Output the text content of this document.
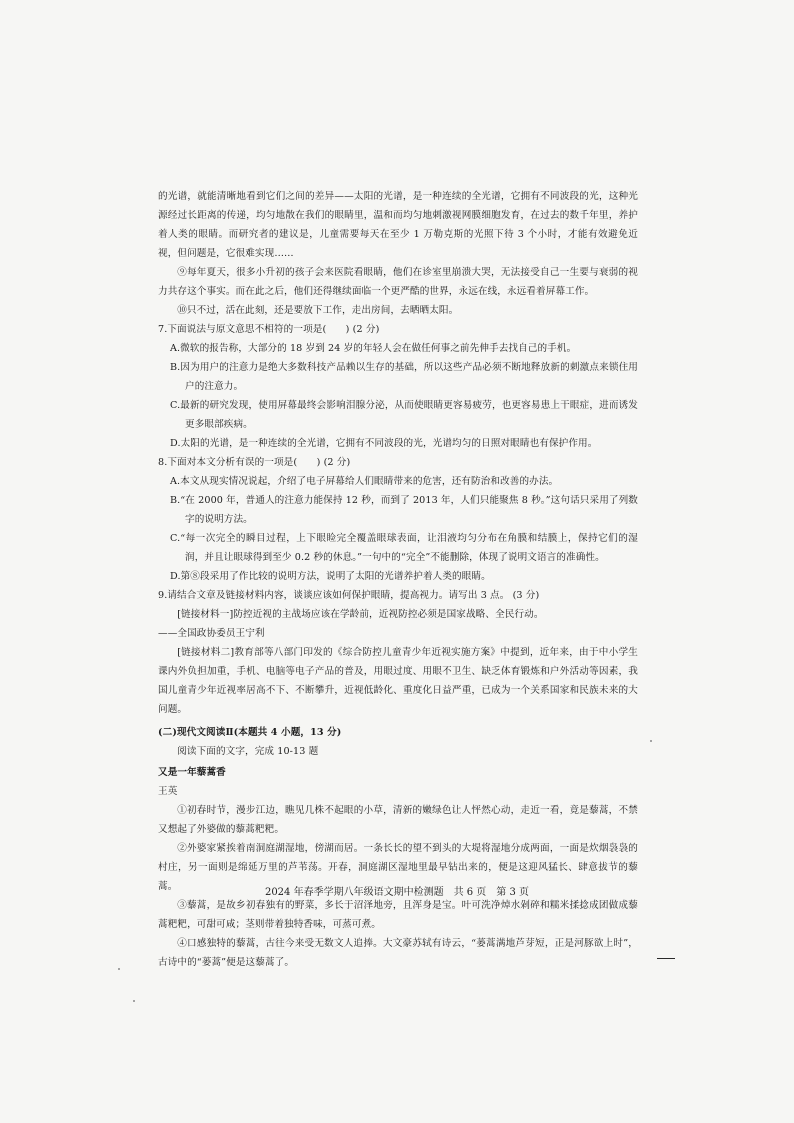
的光谱，就能清晰地看到它们之间的差异——太阳的光谱，是一种连续的全光谱，它拥有不同波段的光，这种光源经过长距离的传递，均匀地散在我们的眼睛里，温和而均匀地刺激视网膜细胞发育，在过去的数千年里，养护着人类的眼睛。而研究者的建议是，儿童需要每天在至少 1 万勒克斯的光照下待 3 个小时，才能有效避免近视，但问题是，它很难实现……

⑨每年夏天，很多小升初的孩子会来医院看眼睛，他们在诊室里崩溃大哭，无法接受自己一生要与衰弱的视力共存这个事实。而在此之后，他们还得继续面临一个更严酷的世界，永远在线，永远看着屏幕工作。

⑩只不过，活在此刻，还是要放下工作，走出房间，去晒晒太阳。

7.下面说法与原文意思不相符的一项是(　　) (2 分)

A.微软的报告称，大部分的 18 岁到 24 岁的年轻人会在做任何事之前先伸手去找自己的手机。

B.因为用户的注意力是绝大多数科技产品赖以生存的基础，所以这些产品必须不断地释放新的刺激点来锁住用户的注意力。

C.最新的研究发现，使用屏幕最终会影响泪腺分泌，从而使眼睛更容易疲劳，也更容易患上干眼症，进而诱发更多眼部疾病。

D.太阳的光谱，是一种连续的全光谱，它拥有不同波段的光，光谱均匀的日照对眼睛也有保护作用。

8.下面对本文分析有误的一项是(　　) (2 分)

A.本文从现实情况说起，介绍了电子屏幕给人们眼睛带来的危害，还有防治和改善的办法。

B.“在 2000 年，普通人的注意力能保持 12 秒，而到了 2013 年，人们只能聚焦 8 秒。”这句话只采用了列数字的说明方法。

C.“每一次完全的瞬目过程，上下眼睑完全覆盖眼球表面，让泪液均匀分布在角膜和结膜上，保持它们的湿润，并且让眼球得到至少 0.2 秒的休息。”一句中的“完全”不能删除，体现了说明文语言的准确性。

D.第⑧段采用了作比较的说明方法，说明了太阳的光谱养护着人类的眼睛。

9.请结合文章及链接材料内容，谈谈应该如何保护眼睛，提高视力。请写出 3 点。 (3 分)

[链接材料一]防控近视的主战场应该在学龄前，近视防控必须是国家战略、全民行动。

——全国政协委员王宁利

[链接材料二]教育部等八部门印发的《综合防控儿童青少年近视实施方案》中提到，近年来，由于中小学生课内外负担加重，手机、电脑等电子产品的普及，用眼过度、用眼不卫生、缺乏体育锻炼和户外活动等因素，我国儿童青少年近视率居高不下、不断攀升，近视低龄化、重度化日益严重，已成为一个关系国家和民族未来的大问题。

(二)现代文阅读Ⅱ(本题共 4 小题，13 分)

阅读下面的文字，完成 10-13 题

又是一年藜蒿香

王英

①初春时节，漫步江边，瞧见几株不起眼的小草，清新的嫩绿色让人怦然心动，走近一看，竟是藜蒿，不禁又想起了外婆做的藜蒿粑粑。

②外婆家紧挨着南洞庭湖湿地，傍湖而居。一条长长的望不到头的大堤将湿地分成两面，一面是炊烟袅袅的村庄，另一面则是绵延万里的芦苇荡。开春，洞庭湖区湿地里最早钻出来的，便是这迎风猛长、肆意拔节的藜蒿。

③藜蒿，是故乡初春独有的野菜，多长于沼泽地旁，且浑身是宝。叶可洗净焯水剁碎和糯米揉捻成团做成藜蒿粑粑，可甜可咸；茎则带着独特香味，可蒸可煮。

④口感独特的藜蒿，古往今来受无数文人追捧。大文豪苏轼有诗云，“蒌蒿满地芦芽短，正是河豚欲上时”，古诗中的“蒌蒿”便是这藜蒿了。

2024 年春季学期八年级语文期中检测题　共 6 页　第 3 页
